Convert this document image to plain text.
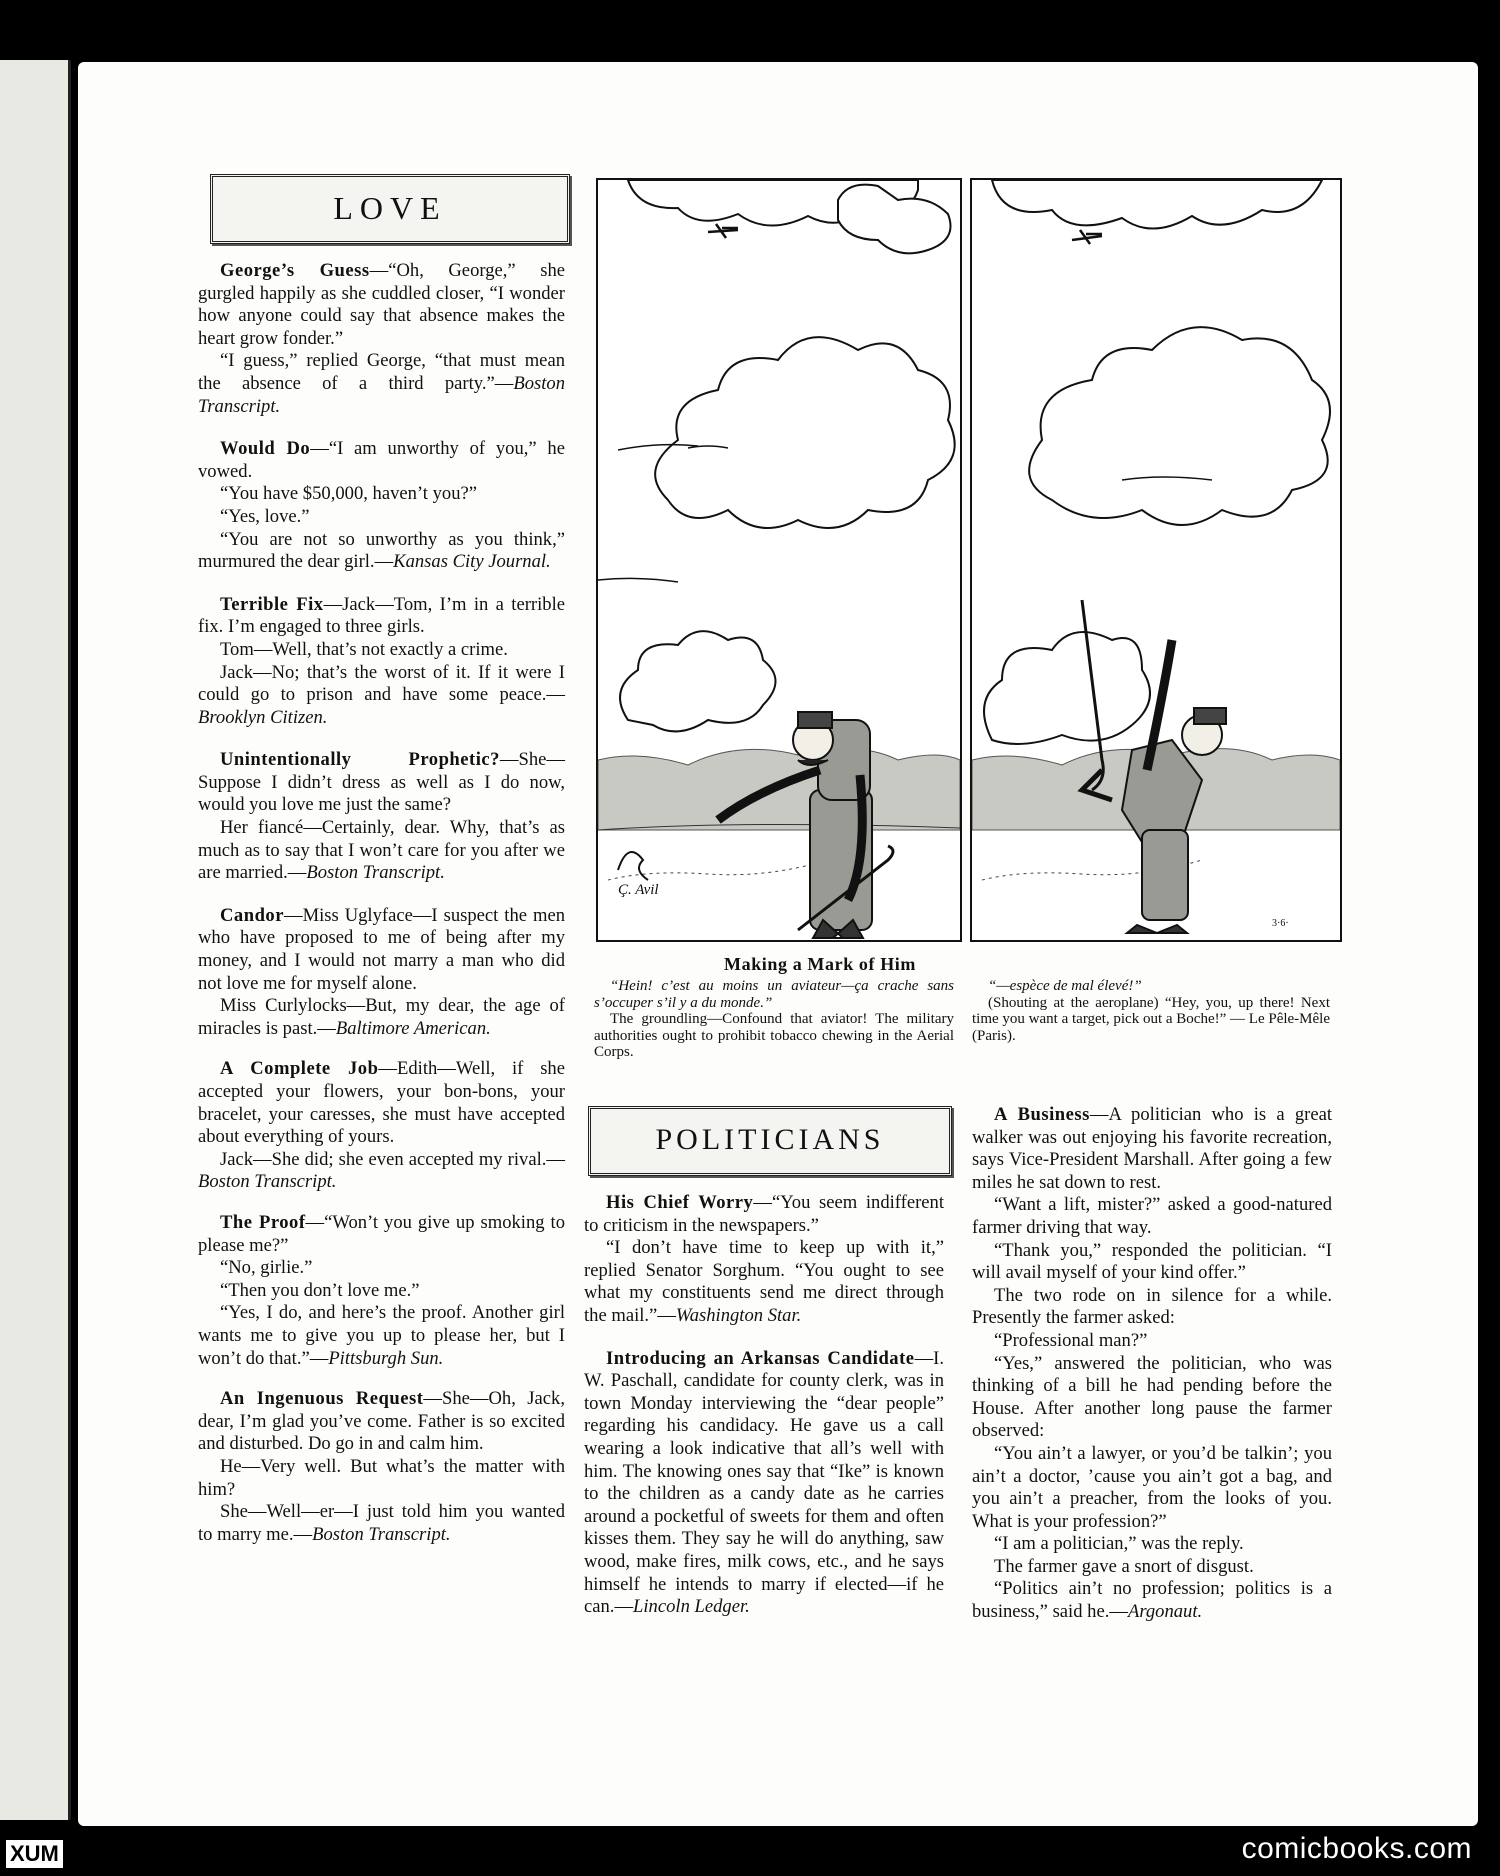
LOVE

George’s Guess—“Oh, George,” she gurgled happily as she cuddled closer, “I wonder how anyone could say that absence makes the heart grow fonder.”

“I guess,” replied George, “that must mean the absence of a third party.”—Boston Transcript.

Would Do—“I am unworthy of you,” he vowed.

“You have $50,000, haven’t you?”

“Yes, love.”

“You are not so unworthy as you think,” murmured the dear girl.—Kansas City Journal.

Terrible Fix—Jack—Tom, I’m in a terrible fix. I’m engaged to three girls.

Tom—Well, that’s not exactly a crime.

Jack—No; that’s the worst of it. If it were I could go to prison and have some peace.—Brooklyn Citizen.

Unintentionally Prophetic?—She—Suppose I didn’t dress as well as I do now, would you love me just the same?

Her fiancé—Certainly, dear. Why, that’s as much as to say that I won’t care for you after we are married.—Boston Transcript.

Candor—Miss Uglyface—I suspect the men who have proposed to me of being after my money, and I would not marry a man who did not love me for myself alone.

Miss Curlylocks—But, my dear, the age of miracles is past.—Baltimore American.

A Complete Job—Edith—Well, if she accepted your flowers, your bon-bons, your bracelet, your caresses, she must have accepted about everything of yours.

Jack—She did; she even accepted my rival.—Boston Transcript.

The Proof—“Won’t you give up smoking to please me?”

“No, girlie.”

“Then you don’t love me.”

“Yes, I do, and here’s the proof. Another girl wants me to give you up to please her, but I won’t do that.”—Pittsburgh Sun.

An Ingenuous Request—She—Oh, Jack, dear, I’m glad you’ve come. Father is so excited and disturbed. Do go in and calm him.

He—Very well. But what’s the matter with him?

She—Well—er—I just told him you wanted to marry me.—Boston Transcript.

Ç. Avil
3·6·
Making a Mark of Him

“Hein! c’est au moins un aviateur—ça crache sans s’occuper s’il y a du monde.”

The groundling—Confound that aviator! The military authorities ought to prohibit tobacco chewing in the Aerial Corps.

“—espèce de mal élevé!”

(Shouting at the aeroplane) “Hey, you, up there! Next time you want a target, pick out a Boche!” — Le Pêle-Mêle (Paris).

POLITICIANS

His Chief Worry—“You seem indifferent to criticism in the newspapers.”

“I don’t have time to keep up with it,” replied Senator Sorghum. “You ought to see what my constituents send me direct through the mail.”—Washington Star.

Introducing an Arkansas Candidate—I. W. Paschall, candidate for county clerk, was in town Monday interviewing the “dear people” regarding his candidacy. He gave us a call wearing a look indicative that all’s well with him. The knowing ones say that “Ike” is known to the children as a candy date as he carries around a pocketful of sweets for them and often kisses them. They say he will do anything, saw wood, make fires, milk cows, etc., and he says himself he intends to marry if elected—if he can.—Lincoln Ledger.

A Business—A politician who is a great walker was out enjoying his favorite recreation, says Vice-President Marshall. After going a few miles he sat down to rest.

“Want a lift, mister?” asked a good-natured farmer driving that way.

“Thank you,” responded the politician. “I will avail myself of your kind offer.”

The two rode on in silence for a while. Presently the farmer asked:

“Professional man?”

“Yes,” answered the politician, who was thinking of a bill he had pending before the House. After another long pause the farmer observed:

“You ain’t a lawyer, or you’d be talkin’; you ain’t a doctor, ’cause you ain’t got a bag, and you ain’t a preacher, from the looks of you. What is your profession?”

“I am a politician,” was the reply.

The farmer gave a snort of disgust.

“Politics ain’t no profession; politics is a business,” said he.—Argonaut.

comicbooks.com
XUM
